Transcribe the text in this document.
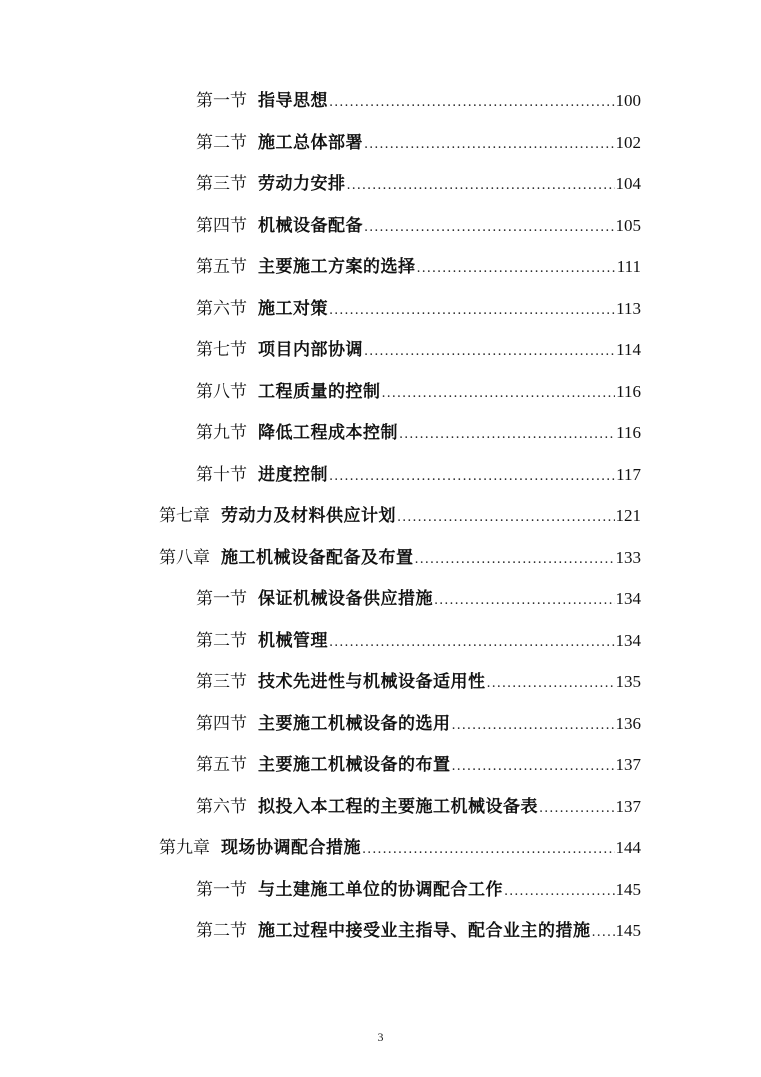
第一节 指导思想 .....	100
第二节 施工总体部署 .....	102
第三节 劳动力安排 .....	104
第四节 机械设备配备 .....	105
第五节 主要施工方案的选择 .....	111
第六节 施工对策 .....	113
第七节 项目内部协调 .....	114
第八节 工程质量的控制 .....	116
第九节 降低工程成本控制 .....	116
第十节 进度控制 .....	117
第七章 劳动力及材料供应计划 .....	121
第八章 施工机械设备配备及布置 .....	133
第一节 保证机械设备供应措施 .....	134
第二节 机械管理 .....	134
第三节 技术先进性与机械设备适用性 .....	135
第四节 主要施工机械设备的选用 .....	136
第五节 主要施工机械设备的布置 .....	137
第六节 拟投入本工程的主要施工机械设备表 .....	137
第九章 现场协调配合措施 .....	144
第一节 与土建施工单位的协调配合工作 .....	145
第二节 施工过程中接受业主指导、配合业主的措施 ..... 145
3
